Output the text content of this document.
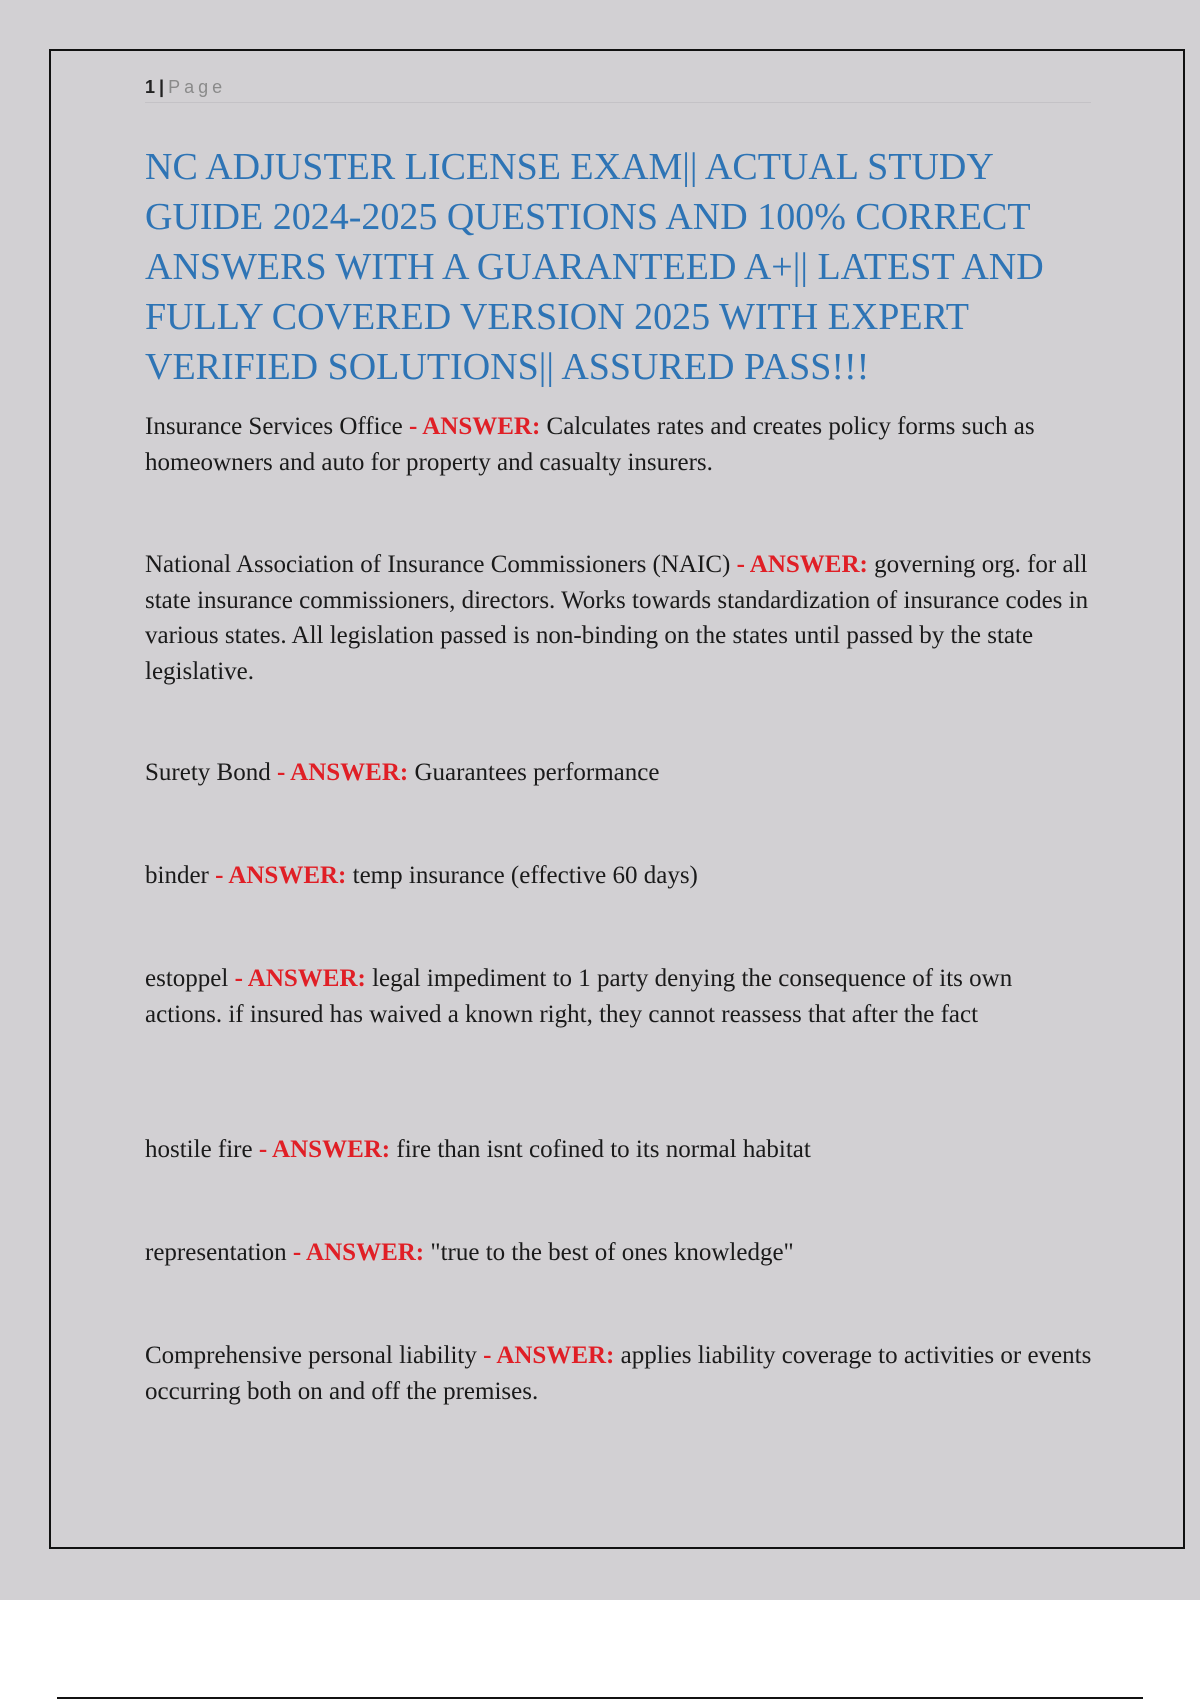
1 | Page
NC ADJUSTER LICENSE EXAM|| ACTUAL STUDY GUIDE 2024-2025 QUESTIONS AND 100% CORRECT ANSWERS WITH A GUARANTEED A+|| LATEST AND FULLY COVERED VERSION 2025 WITH EXPERT VERIFIED SOLUTIONS|| ASSURED PASS!!!
Insurance Services Office - ANSWER: Calculates rates and creates policy forms such as homeowners and auto for property and casualty insurers.
National Association of Insurance Commissioners (NAIC) - ANSWER: governing org. for all state insurance commissioners, directors. Works towards standardization of insurance codes in various states. All legislation passed is non-binding on the states until passed by the state legislative.
Surety Bond - ANSWER: Guarantees performance
binder - ANSWER: temp insurance (effective 60 days)
estoppel - ANSWER: legal impediment to 1 party denying the consequence of its own actions. if insured has waived a known right, they cannot reassess that after the fact
hostile fire - ANSWER: fire than isnt cofined to its normal habitat
representation - ANSWER: "true to the best of ones knowledge"
Comprehensive personal liability - ANSWER: applies liability coverage to activities or events occurring both on and off the premises.
